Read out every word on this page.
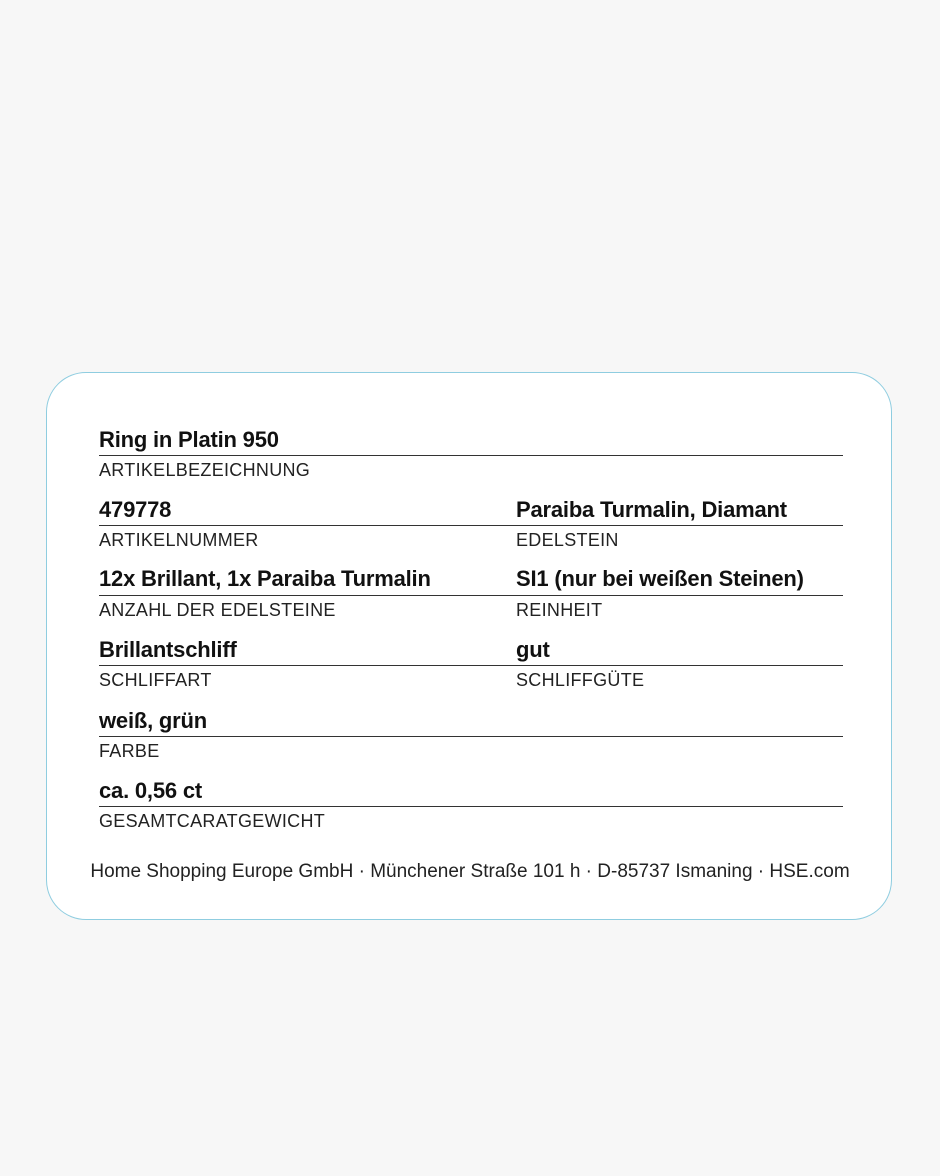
Ring in Platin 950
ARTIKELBEZEICHNUNG
479778
ARTIKELNUMMER
Paraiba Turmalin, Diamant
EDELSTEIN
12x Brillant, 1x Paraiba Turmalin
ANZAHL DER EDELSTEINE
SI1 (nur bei weißen Steinen)
REINHEIT
Brillantschliff
SCHLIFFART
gut
SCHLIFFGÜTE
weiß, grün
FARBE
ca. 0,56 ct
GESAMTCARATGEWICHT
Home Shopping Europe GmbH · Münchener Straße 101 h · D-85737 Ismaning · HSE.com
